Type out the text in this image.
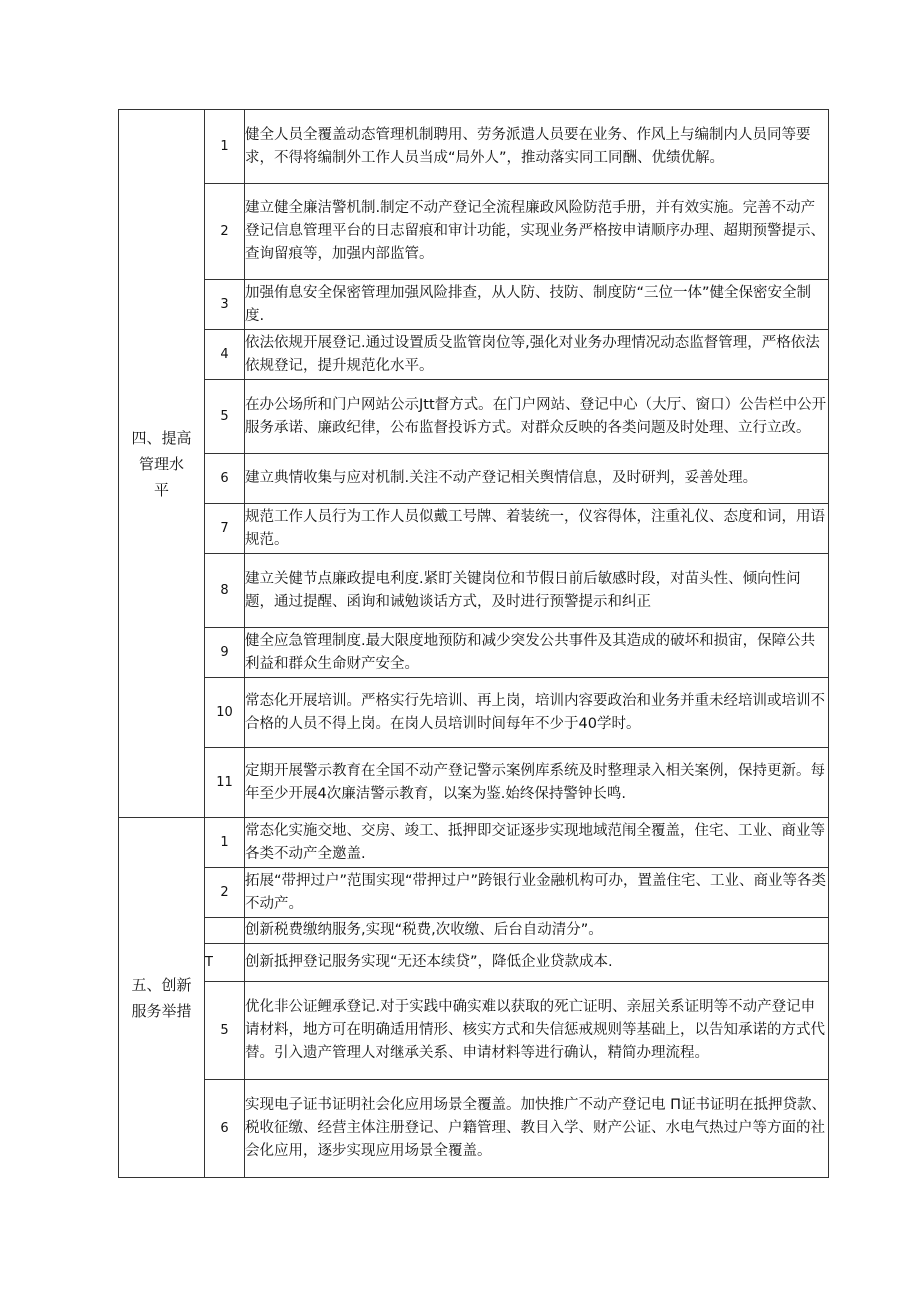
四、提高
管理水
平	1	健全人员全覆盖动态管理机制聘用、劳务派遣人员要在业务、作风上与编制内人员同等要求，不得将编制外工作人员当成“局外人”，推动落实同工同酬、优绩优解。
	2	建立健全廉洁警机制.制定不动产登记全流程廉政风险防范手册，并有效实施。完善不动产登记信息管理平台的日志留痕和审计功能，实现业务严格按申请顺序办理、超期预警提示、查询留痕等，加强内部监管。
	3	加强侑息安全保密管理加强风险排查，从人防、技防、制度防“三位一体”健全保密安全制度.
	4	依法依规开展登记.通过设置质殳监管岗位等,强化对业务办理情况动态监督管理，严格依法依规登记，提升规范化水平。
	5	在办公场所和门户网站公示Jtt督方式。在门户网站、登记中心（大厅、窗口）公告栏中公开服务承诺、廉政纪律，公布监督投诉方式。对群众反映的各类问题及时处理、立行立改。
	6	建立典情收集与应对机制.关注不动产登记相关舆情信息，及时研判，妥善处理。
	7	规范工作人员行为工作人员似戴工号牌、着装统一，仪容得体，注重礼仪、态度和词，用语规范。
	8	建立关健节点廉政提电利度.紧盯关键岗位和节假日前后敏感时段，对苗头性、倾向性问题，通过提醒、函询和诫勉谈话方式，及时进行预警提示和纠正
	9	健全应急管理制度.最大限度地预防和减少突发公共事件及其造成的破坏和损宙，保障公共利益和群众生命财产安全。
	10	常态化开展培训。严格实行先培训、再上岗，培训内容要政治和业务并重未经培训或培训不合格的人员不得上岗。在岗人员培训时间每年不少于40学时。
	11	定期开展警示教育在全国不动产登记警示案例库系统及时整理录入相关案例，保持更新。每年至少开展4次廉洁警示教育，以案为鉴.始终保持警钟长鸣.
五、创新
服务举措	1	常态化实施交地、交房、竣工、抵押即交证逐步实现地域范闱全覆盖，住宅、工业、商业等各类不动产全邀盖.
	2	拓展“带押过户”范围实现“带押过户”跨银行业金融机构可办，置盖住宅、工业、商业等各类不动产。
		创新税费缴纳服务,实现“税费,次收缴、后台自动清分”。
	T	创新抵押登记服务实现“无还本续贷”，降低企业贷款成本.
	5	优化非公证鲤承登记.对于实践中确实难以获取的死亡证明、亲屈关系证明等不动产登记申请材料，地方可在明确适用情形、核实方式和失信惩戒规则等基础上，以告知承诺的方式代替。引入遗产管理人对继承关系、申请材料等进行确认，精简办理流程。
	6	实现电子证书证明社会化应用场景全覆盖。加快推广不动产登记电 Π证书证明在抵押贷款、税收征缴、经营主体注册登记、户籍管理、教目入学、财产公证、水电气热过户等方面的社会化应用，逐步实现应用场景全覆盖。
